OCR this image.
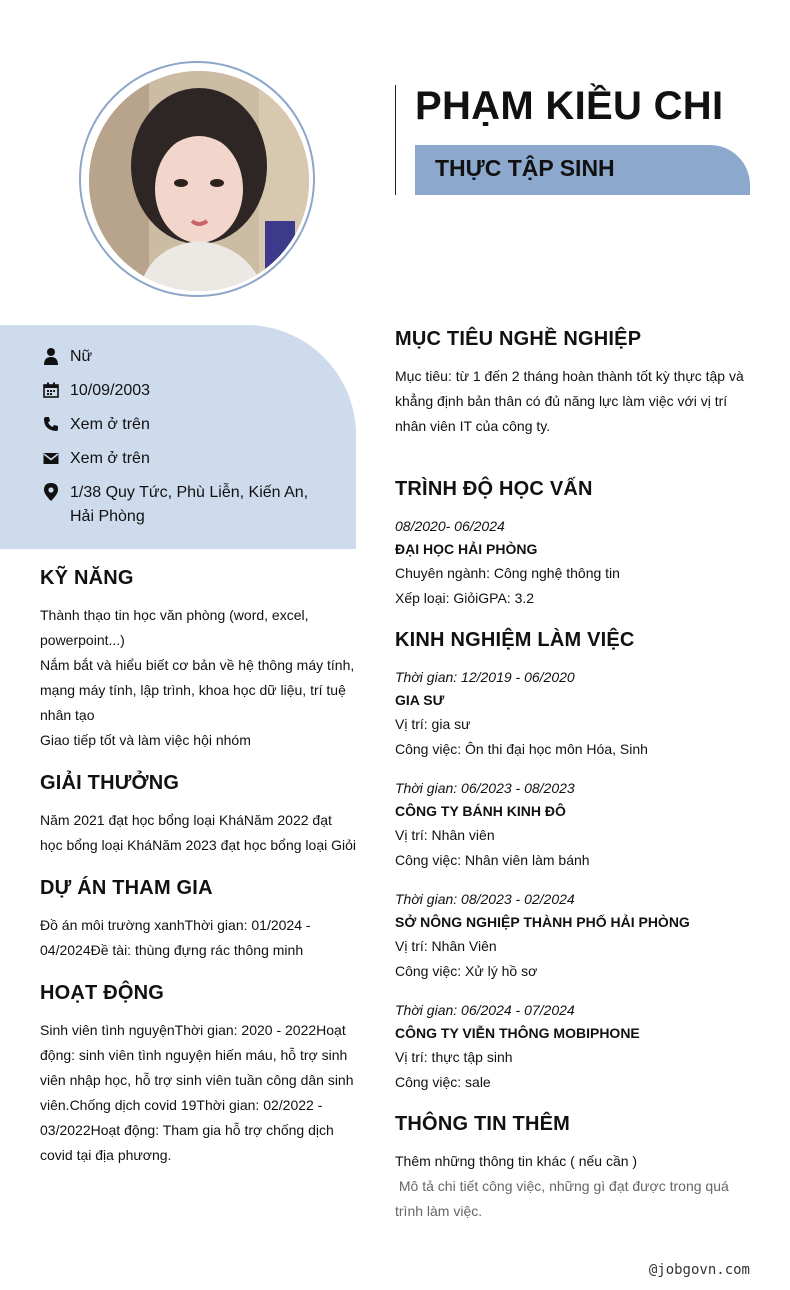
PHẠM KIỀU CHI
THỰC TẬP SINH
Nữ
10/09/2003
Xem ở trên
Xem ở trên
1/38 Quy Tức, Phù Liễn, Kiến An,
Hải Phòng
KỸ NĂNG
Thành thạo tin học văn phòng (word, excel,
powerpoint...)
Nắm bắt và hiểu biết cơ bản về hệ thông máy tính,
mạng máy tính, lập trình, khoa học dữ liệu, trí tuệ
nhân tạo
Giao tiếp tốt và làm việc hội nhóm
GIẢI THƯỞNG
Năm 2021 đạt học bổng loại KháNăm 2022 đạt
học bổng loại KháNăm 2023 đạt học bổng loại Giỏi
DỰ ÁN THAM GIA
Đồ án môi trường xanhThời gian: 01/2024 -
04/2024Đề tài: thùng đựng rác thông minh
HOẠT ĐỘNG
Sinh viên tình nguyệnThời gian: 2020 - 2022Hoạt
động: sinh viên tình nguyện hiến máu, hỗ trợ sinh
viên nhập học, hỗ trợ sinh viên tuần công dân sinh
viên.Chống dịch covid 19Thời gian: 02/2022 -
03/2022Hoạt động: Tham gia hỗ trợ chống dịch
covid tại địa phương.
MỤC TIÊU NGHỀ NGHIỆP
Mục tiêu: từ 1 đến 2 tháng hoàn thành tốt kỳ thực tập và
khẳng định bản thân có đủ năng lực làm việc với vị trí
nhân viên IT của công ty.
TRÌNH ĐỘ HỌC VẤN
08/2020- 06/2024
ĐẠI HỌC HẢI PHÒNG
Chuyên ngành: Công nghệ thông tin
Xếp loại: GiỏiGPA: 3.2
KINH NGHIỆM LÀM VIỆC
Thời gian: 12/2019 - 06/2020
GIA SƯ
Vị trí: gia sư
Công việc: Ôn thi đại học môn Hóa, Sinh
Thời gian: 06/2023 - 08/2023
CÔNG TY BÁNH KINH ĐÔ
Vị trí: Nhân viên
Công việc: Nhân viên làm bánh
Thời gian: 08/2023 - 02/2024
SỞ NÔNG NGHIỆP THÀNH PHỐ HẢI PHÒNG
Vị trí: Nhân Viên
Công việc: Xử lý hồ sơ
Thời gian: 06/2024 - 07/2024
CÔNG TY VIỄN THÔNG MOBIPHONE
Vị trí: thực tập sinh
Công việc: sale
THÔNG TIN THÊM
Thêm những thông tin khác ( nếu cần )
Mô tả chi tiết công việc, những gì đạt được trong quá
trình làm việc.
@jobgovn.com
